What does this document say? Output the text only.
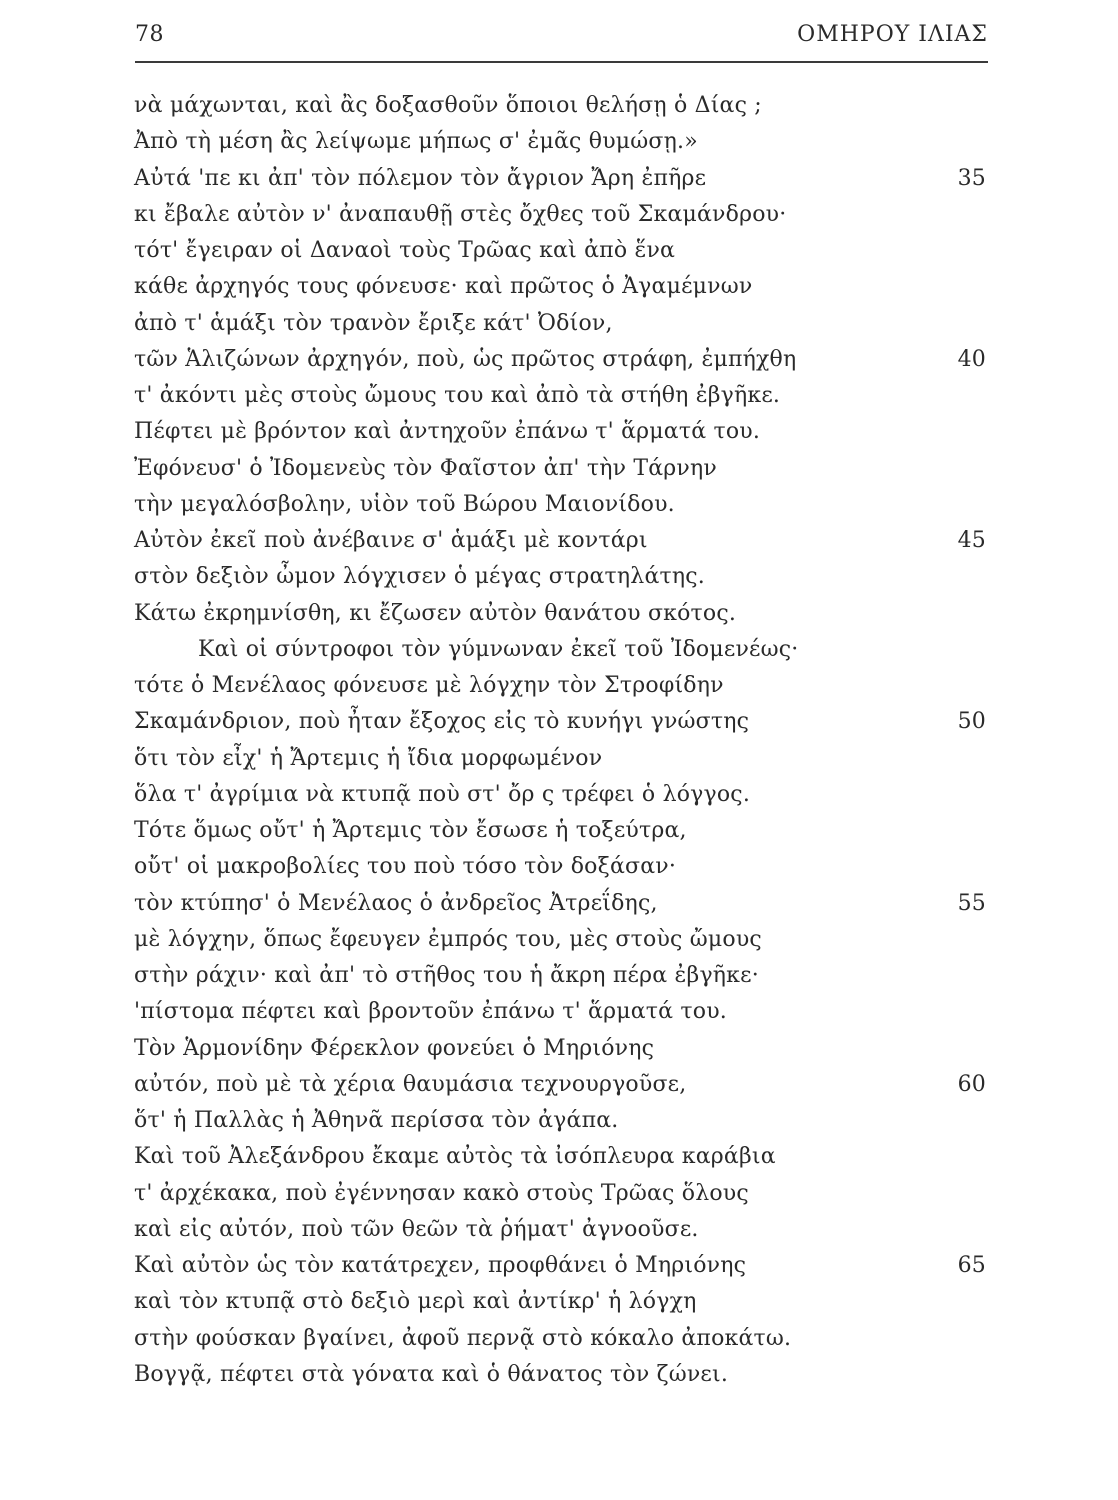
78	ΟΜΗΡΟΥ ΙΛΙΑΣ
νὰ μάχωνται, καὶ ἂς δοξασθοῦν ὅποιοι θελήσῃ ὁ Δίας ;
Ἀπὸ τὴ μέση ἂς λείψωμε μήπως σ' ἐμᾶς θυμώσῃ.»
Αὐτά 'πε κι ἀπ' τὸν πόλεμον τὸν ἄγριον Ἄρη ἐπῆρε	35
κι ἔβαλε αὐτὸν ν' ἀναπαυθῇ στὲς ὄχθες τοῦ Σκαμάνδρου·
τότ' ἔγειραν οἱ Δαναοὶ τοὺς Τρῶας καὶ ἀπὸ ἕνα
κάθε ἀρχηγός τους φόνευσε· καὶ πρῶτος ὁ Ἀγαμέμνων
ἀπὸ τ' ἁμάξι τὸν τρανὸν ἔριξε κάτ' Ὀδίον,
τῶν Ἁλιζώνων ἀρχηγόν, ποὺ, ὡς πρῶτος στράφη, ἐμπήχθη	40
τ' ἀκόντι μὲς στοὺς ὤμους του καὶ ἀπὸ τὰ στήθη ἐβγῆκε.
Πέφτει μὲ βρόντον καὶ ἀντηχοῦν ἐπάνω τ' ἅρματά του.
Ἐφόνευσ' ὁ Ἰδομενεὺς τὸν Φαῖστον ἀπ' τὴν Τάρνην
τὴν μεγαλόσβολην, υἱὸν τοῦ Βώρου Μαιονίδου.
Αὐτὸν ἐκεῖ ποὺ ἀνέβαινε σ' ἁμάξι μὲ κοντάρι	45
στὸν δεξιὸν ὦμον λόγχισεν ὁ μέγας στρατηλάτης.
Κάτω ἐκρημνίσθη, κι ἔζωσεν αὐτὸν θανάτου σκότος.
Καὶ οἱ σύντροφοι τὸν γύμνωναν ἐκεῖ τοῦ Ἰδομενέως·
τότε ὁ Μενέλαος φόνευσε μὲ λόγχην τὸν Στροφίδην
Σκαμάνδριον, ποὺ ἦταν ἔξοχος εἰς τὸ κυνήγι γνώστης	50
ὅτι τὸν εἶχ' ἡ Ἄρτεμις ἡ ἴδια μορφωμένον
ὅλα τ' ἀγρίμια νὰ κτυπᾷ ποὺ στ' ὄρ ς τρέφει ὁ λόγγος.
Τότε ὅμως οὔτ' ἡ Ἄρτεμις τὸν ἔσωσε ἡ τοξεύτρα,
οὔτ' οἱ μακροβολίες του ποὺ τόσο τὸν δοξάσαν·
τὸν κτύπησ' ὁ Μενέλαος ὁ ἀνδρεῖος Ἀτρεΐδης,	55
μὲ λόγχην, ὅπως ἔφευγεν ἐμπρός του, μὲς στοὺς ὤμους
στὴν ράχιν· καὶ ἀπ' τὸ στῆθος του ἡ ἄκρη πέρα ἐβγῆκε·
'πίστομα πέφτει καὶ βροντοῦν ἐπάνω τ' ἅρματά του.
Τὸν Ἁρμονίδην Φέρεκλον φονεύει ὁ Μηριόνης
αὐτόν, ποὺ μὲ τὰ χέρια θαυμάσια τεχνουργοῦσε,	60
ὅτ' ἡ Παλλὰς ἡ Ἀθηνᾶ περίσσα τὸν ἀγάπα.
Καὶ τοῦ Ἀλεξάνδρου ἔκαμε αὐτὸς τὰ ἰσόπλευρα καράβια
τ' ἀρχέκακα, ποὺ ἐγέννησαν κακὸ στοὺς Τρῶας ὅλους
καὶ εἰς αὐτόν, ποὺ τῶν θεῶν τὰ ῥήματ' ἀγνοοῦσε.
Καὶ αὐτὸν ὡς τὸν κατάτρεχεν, προφθάνει ὁ Μηριόνης	65
καὶ τὸν κτυπᾷ στὸ δεξιὸ μερὶ καὶ ἀντίκρ' ἡ λόγχη
στὴν φούσκαν βγαίνει, ἀφοῦ περνᾷ στὸ κόκαλο ἀποκάτω.
Βογγᾷ, πέφτει στὰ γόνατα καὶ ὁ θάνατος τὸν ζώνει.
